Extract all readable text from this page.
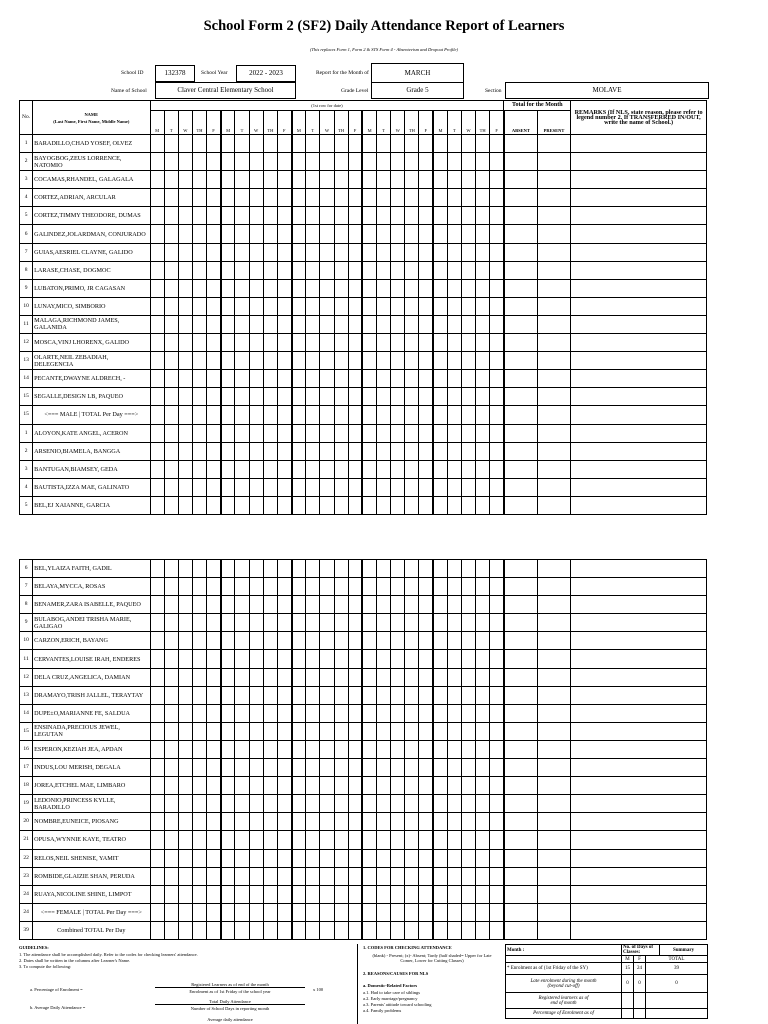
School Form 2 (SF2) Daily Attendance Report of Learners
(This replaces Form 1, Form 2 & STS Form 4 - Absenteeism and Dropout Profile)
School ID	132378	School Year	2022 - 2023	Report for the Month of	MARCH
Name of School	Claver Central Elementary School	Grade Level	Grade 5	Section	MOLAVE
No.	NAME
(Last Name, First Name, Middle Name)	(1st row for date)																									Total for the Month		REMARKS (If NLS, state reason, please refer to legend number 2. If TRANSFERRED IN/OUT, write the name of School.)
		M	T	W	TH	F	M	T	W	TH	F	M	T	W	TH	F	M	T	W	TH	F	M	T	W	TH	F	ABSENT	PRESENT	
1	BARADILLO,CHAD YOSEF, OLVEZ																												
2	BAYOGBOG,ZEUS LORRENCE, NATOMIO																												
3	COCAMAS,RHANDEL, GALAGALA																												
4	CORTEZ,ADRIAN, ARCULAR																												
5	CORTEZ,TIMMY THEODORE, DUMAS																												
6	GALINDEZ,JOLARDMAN, CONJURADO																												
7	GUIAS,AESRIEL CLAYNE, GALIDO																												
8	LARASE,CHASE, DOGMOC																												
9	LUBATON,PRIMO, JR CAGASAN																												
10	LUNAY,MICO, SIMBORIO																												
11	MALAGA,RICHMOND JAMES, GALANIDA																												
12	MOSCA,VINJ LHORENX, GALIDO																												
13	OLARTE,NEIL ZEBADIAH, DELEGENCIA																												
14	PECANTE,DWAYNE ALDRECH, -																												
15	SEGALLE,DESIGN LB, PAQUEO																												
15	<=== MALE | TOTAL Per Day ===>																												
1	ALOYON,KATE ANGEL, ACERON																												
2	ARSENIO,BIAMELA, BANGGA																												
3	BANTUGAN,BIAMSEY, GEDA																												
4	BAUTISTA,IZZA MAE, GALINATO																												
5	BEL,EJ XAIANNE, GARCIA																												
6	BEL,YLAIZA FAITH, GADIL																												
7	BELAYA,MYCCA, ROSAS																												
8	BENAMER,ZARA ISABELLE, PAQUEO																												
9	BULABOG,ANDEI TRISHA MARIE, GALIGAO																												
10	CARZON,ERICH, BAYANG																												
11	CERVANTES,LOUISE IRAH, ENDERES																												
12	DELA CRUZ,ANGELICA, DAMIAN																												
13	DRAMAYO,TRISH JALLEL, TERAYTAY																												
14	DUPE±O,MARIANNE FE, SALDUA																												
15	ENSINADA,PRECIOUS JEWEL, LEGUTAN																												
16	ESPERON,KEZIAH JEA, APDAN																												
17	INDUS,LOU MERISH, DEGALA																												
18	JOREA,ETCHEL MAE, LIMBARO																												
19	LEDONIO,PRINCESS KYLLE, BARADILLO																												
20	NOMBRE,EUNEICE, PIOSANG																												
21	OPUSA,WYNNIE KAYE, TEATRO																												
22	RELOS,NEIL SHENISE, YAMIT																												
23	ROMBIDE,GLAIZIE SHAN, PERUDA																												
24	RUAYA,NICOLINE SHINE, LIMPOT																												
24	<=== FEMALE | TOTAL Per Day ===>																												
39	Combined TOTAL Per Day																												
GUIDELINES:
1. The attendance shall be accomplished daily. Refer to the codes for checking learners' attendance.
2. Dates shall be written in the columns after Learner's Name.
3. To compute the following:
a. Percentage of Enrolment =
Registered Learners as of end of the month
Enrolment as of 1st Friday of the school year	x 100
b. Average Daily Attendance =
Total Daily Attendance
Number of School Days in reporting month
Average daily attendance
1. CODES FOR CHECKING ATTENDANCE
(blank) - Present; (x)- Absent; Tardy (half shaded= Upper for Late Comer, Lower for Cutting Classes)
2. REASONS/CAUSES FOR NLS
a. Domestic-Related Factors
a.1. Had to take care of siblings
a.2. Early marriage/pregnancy
a.3. Parents' attitude toward schooling
a.4. Family problems
Month :	No. of Days of Classes:			Summary
	M	F	TOTAL	
* Enrolment as of (1st Friday of the SY)	15	24	39	
Late enrolment during the month
(beyond cut-off)	0	0	0	
Registered learners as of
end of month				
Percentage of Enrolment as of				
